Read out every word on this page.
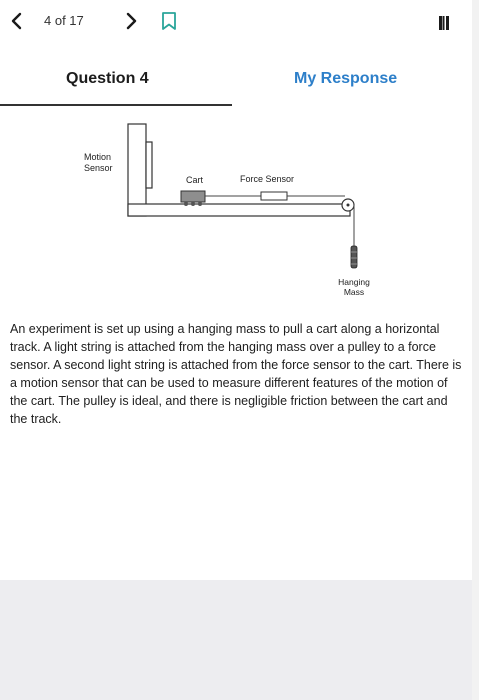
4 of 17
Question 4	My Response
Motion
Sensor
Cart	Force Sensor
Hanging
Mass

An experiment is set up using a hanging mass to pull a cart along a horizontal track. A light string is attached from the hanging mass over a pulley to a force sensor. A second light string is attached from the force sensor to the cart. There is a motion sensor that can be used to measure different features of the motion of the cart. The pulley is ideal, and there is negligible friction between the cart and the track.
